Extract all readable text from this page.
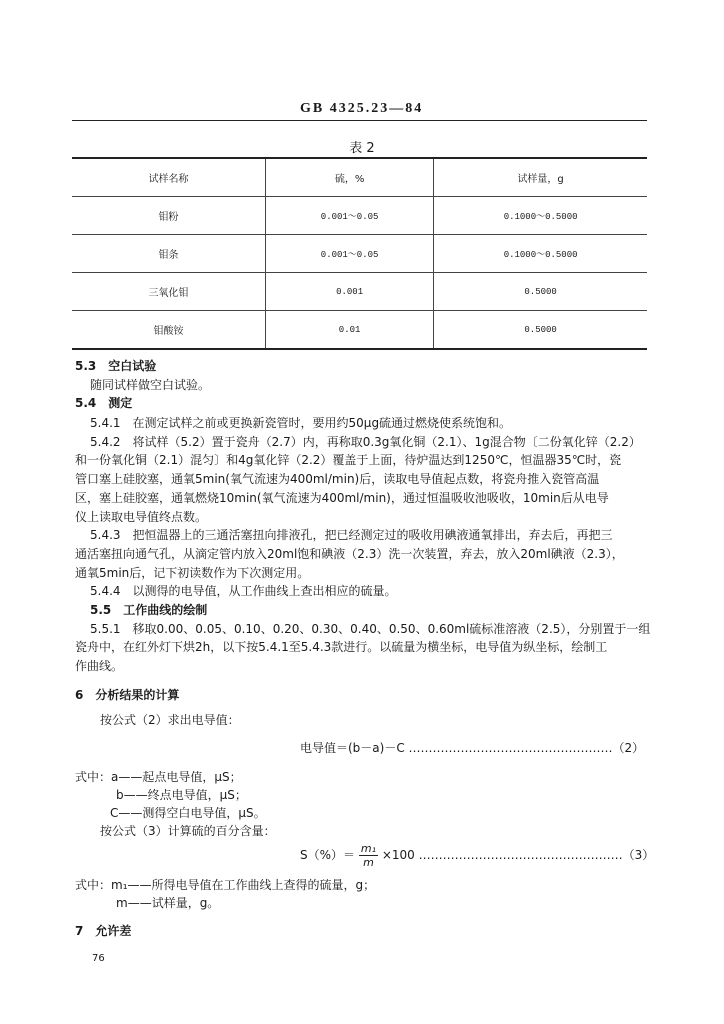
GB 4325.23—84
表 2
试样名称	硫，%	试样量，g
钼粉	0.001～0.05	0.1000～0.5000
钼条	0.001～0.05	0.1000～0.5000
三氧化钼	0.001	0.5000
钼酸铵	0.01	0.5000
5.3　空白试验
随同试样做空白试验。
5.4　测定
5.4.1　在测定试样之前或更换新瓷管时，要用约50μg硫通过燃烧使系统饱和。
5.4.2　将试样（5.2）置于瓷舟（2.7）内，再称取0.3g氧化铜（2.1）、1g混合物〔二份氧化锌（2.2）
和一份氧化铜（2.1）混匀〕和4g氧化锌（2.2）覆盖于上面，待炉温达到1250℃，恒温器35℃时，瓷
管口塞上硅胶塞，通氧5min(氧气流速为400ml/min)后，读取电导值起点数，将瓷舟推入瓷管高温
区，塞上硅胶塞，通氧燃烧10min(氧气流速为400ml/min)，通过恒温吸收池吸收，10min后从电导
仪上读取电导值终点数。
5.4.3　把恒温器上的三通活塞扭向排液孔，把已经测定过的吸收用碘液通氧排出，弃去后，再把三
通活塞扭向通气孔，从滴定管内放入20ml饱和碘液（2.3）洗一次装置，弃去，放入20ml碘液（2.3），
通氧5min后，记下初读数作为下次测定用。
5.4.4　以测得的电导值，从工作曲线上查出相应的硫量。
5.5　工作曲线的绘制
5.5.1　移取0.00、0.05、0.10、0.20、0.30、0.40、0.50、0.60ml硫标准溶液（2.5），分别置于一组
瓷舟中，在红外灯下烘2h，以下按5.4.1至5.4.3款进行。以硫量为横坐标，电导值为纵坐标，绘制工
作曲线。
6　分析结果的计算
按公式（2）求出电导值：
电导值＝(b－a)－C ……………………………………………（2）
式中：a——起点电导值，μS；
b——终点电导值，μS；
C——测得空白电导值，μS。
按公式（3）计算硫的百分含量：
$S(\%)= \frac{\text{m₁}}{m} \times 100$ ……………………………………………（3）
式中：m₁——所得电导值在工作曲线上查得的硫量，g；
m——试样量，g。
7　允许差
76
